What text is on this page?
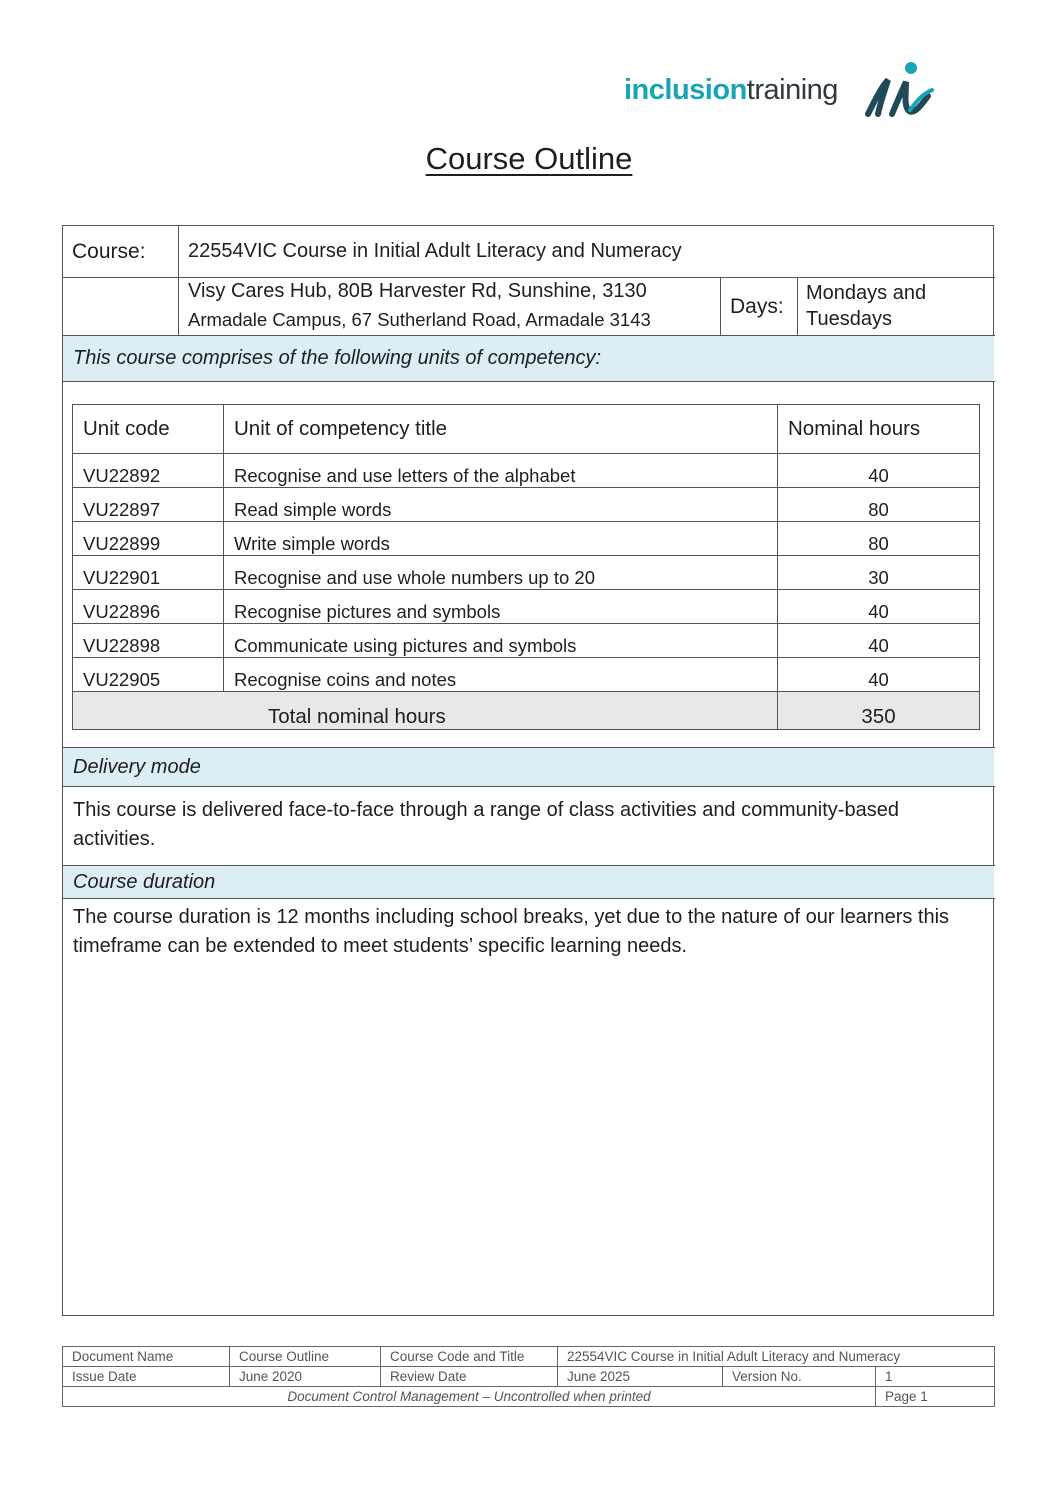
inclusiontraining
Course Outline
Course: 22554VIC Course in Initial Adult Literacy and Numeracy
Visy Cares Hub, 80B Harvester Rd, Sunshine, 3130
Armadale Campus, 67 Sutherland Road, Armadale 3143
Days:
Mondays and
Tuesdays
This course comprises of the following units of competency:
Unit code	Unit of competency title	Nominal hours
VU22892	Recognise and use letters of the alphabet	40
VU22897	Read simple words	80
VU22899	Write simple words	80
VU22901	Recognise and use whole numbers up to 20	30
VU22896	Recognise pictures and symbols	40
VU22898	Communicate using pictures and symbols	40
VU22905	Recognise coins and notes	40
Total nominal hours		350
Delivery mode
This course is delivered face-to-face through a range of class activities and community-based activities.
Course duration
The course duration is 12 months including school breaks, yet due to the nature of our learners this timeframe can be extended to meet students’ specific learning needs.
Document Name	Course Outline	Course Code and Title	22554VIC Course in Initial Adult Literacy and Numeracy		
Issue Date	June 2020	Review Date	June 2025	Version No.	1
Document Control Management – Uncontrolled when printed					Page 1
